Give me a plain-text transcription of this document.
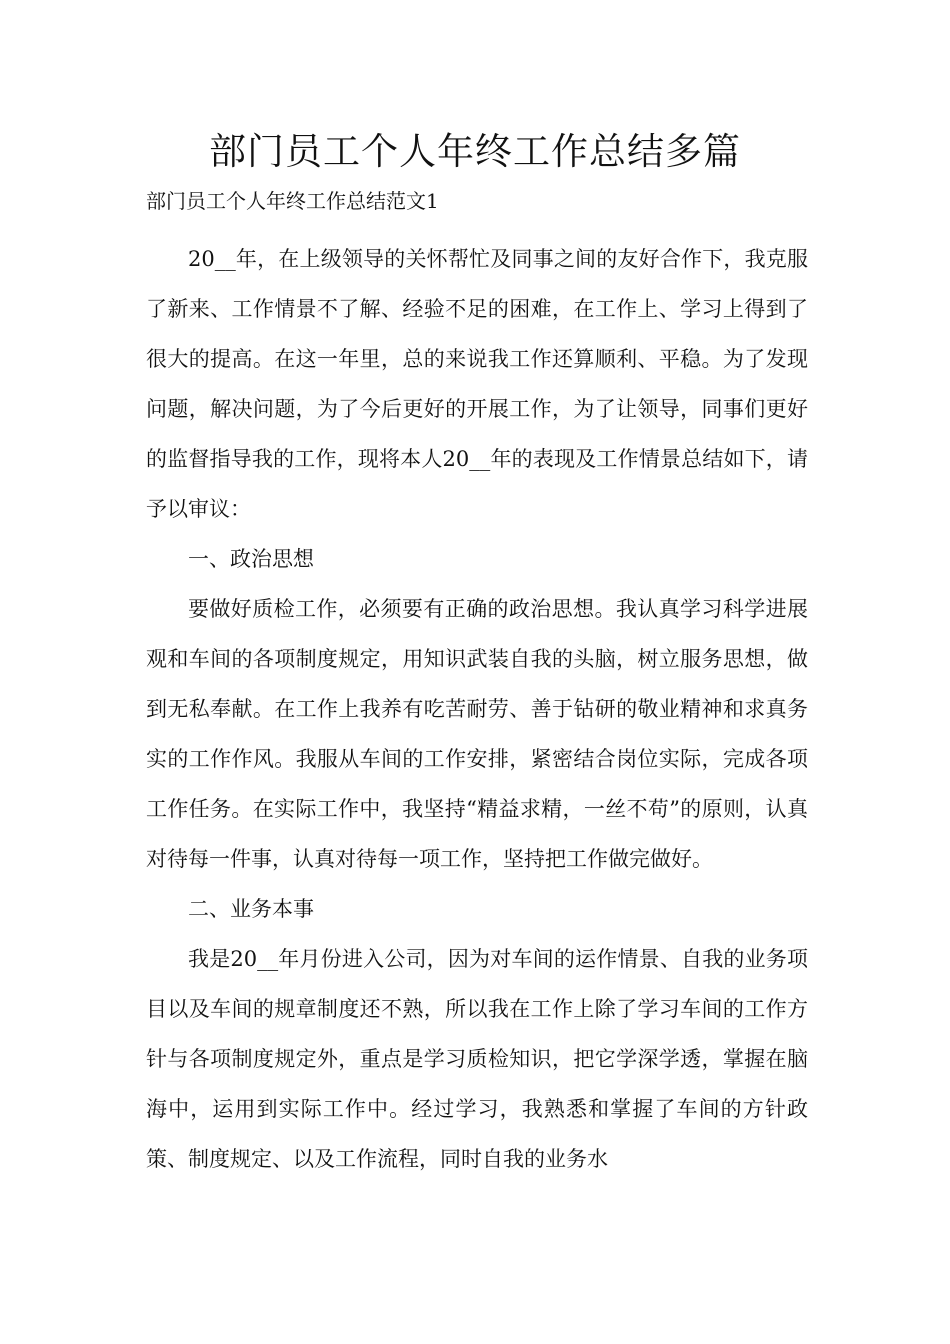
部门员工个人年终工作总结多篇

部门员工个人年终工作总结范文1

20__年，在上级领导的关怀帮忙及同事之间的友好合作下，我克服了新来、工作情景不了解、经验不足的困难，在工作上、学习上得到了很大的提高。在这一年里，总的来说我工作还算顺利、平稳。为了发现问题，解决问题，为了今后更好的开展工作，为了让领导，同事们更好的监督指导我的工作，现将本人20__年的表现及工作情景总结如下，请予以审议：

一、政治思想

要做好质检工作，必须要有正确的政治思想。我认真学习科学进展观和车间的各项制度规定，用知识武装自我的头脑，树立服务思想，做到无私奉献。在工作上我养有吃苦耐劳、善于钻研的敬业精神和求真务实的工作作风。我服从车间的工作安排，紧密结合岗位实际，完成各项工作任务。在实际工作中，我坚持“精益求精，一丝不苟”的原则，认真对待每一件事，认真对待每一项工作，坚持把工作做完做好。

二、业务本事

我是20__年月份进入公司，因为对车间的运作情景、自我的业务项目以及车间的规章制度还不熟，所以我在工作上除了学习车间的工作方针与各项制度规定外，重点是学习质检知识，把它学深学透，掌握在脑海中，运用到实际工作中。经过学习，我熟悉和掌握了车间的方针政策、制度规定、以及工作流程，同时自我的业务水
